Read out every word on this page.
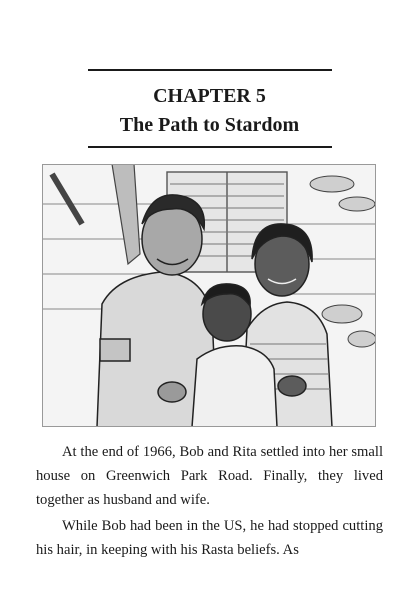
CHAPTER 5
The Path to Stardom

At the end of 1966, Bob and Rita settled into her small house on Greenwich Park Road. Finally, they lived together as husband and wife.

While Bob had been in the US, he had stopped cutting his hair, in keeping with his Rasta beliefs. As
